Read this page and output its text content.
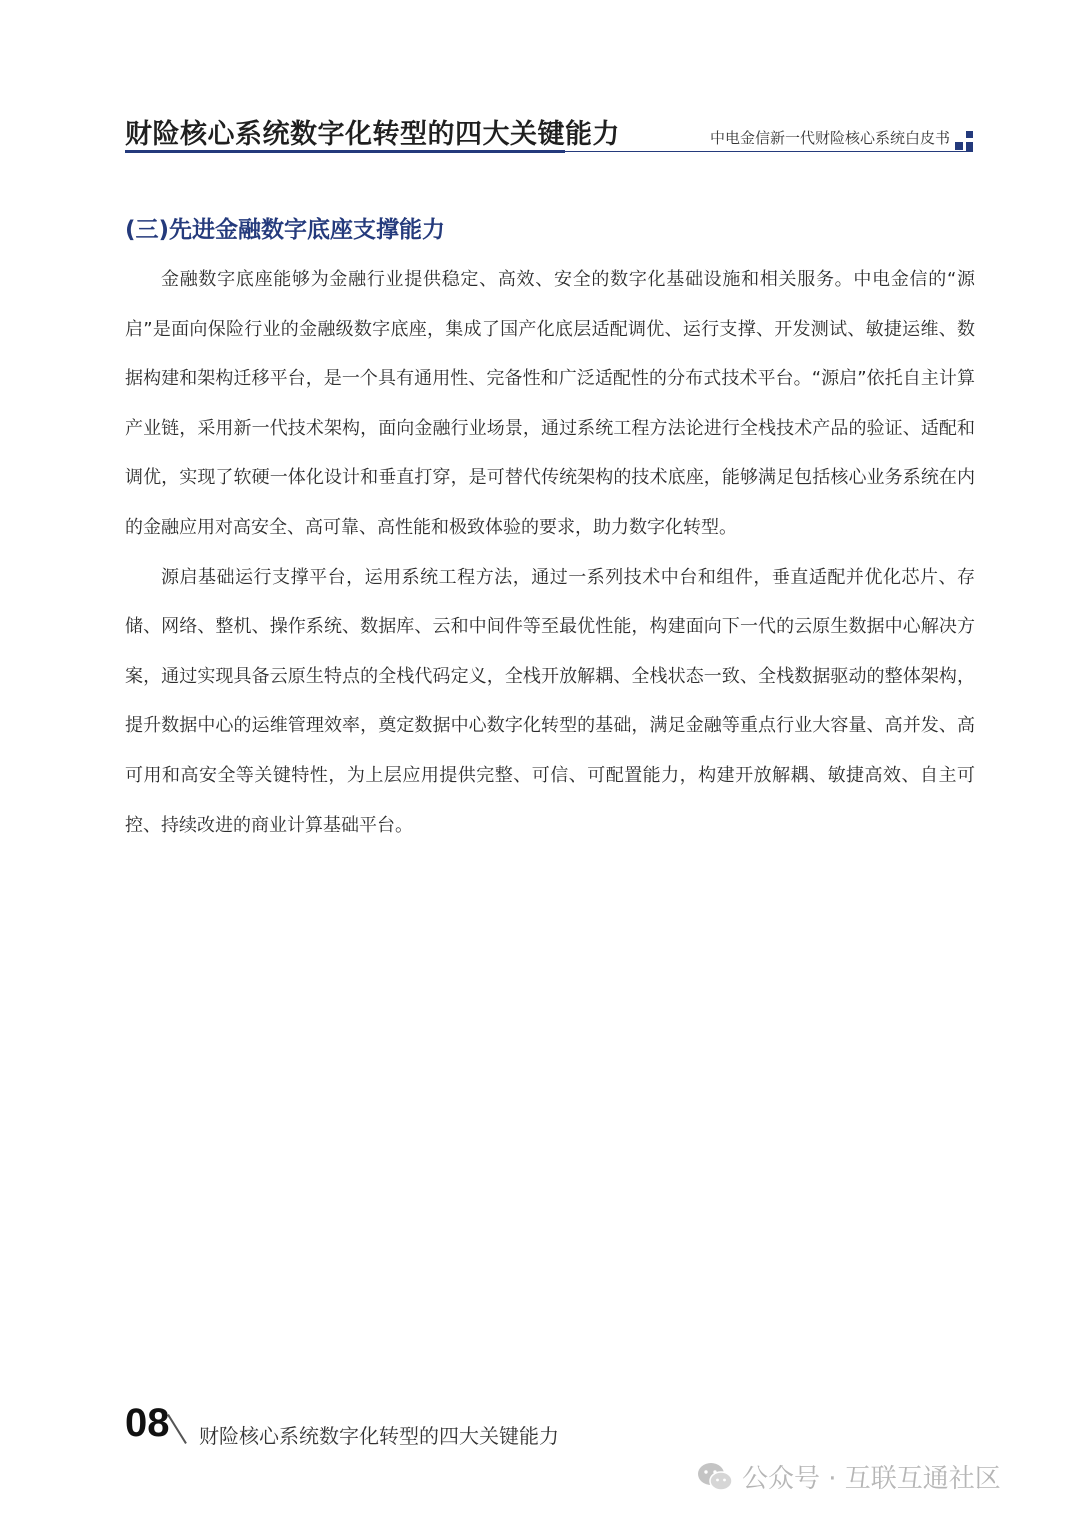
财险核心系统数字化转型的四大关键能力	中电金信新一代财险核心系统白皮书
(三)先进金融数字底座支撑能力

金融数字底座能够为金融行业提供稳定、高效、安全的数字化基础设施和相关服务。中电金信的“源启”是面向保险行业的金融级数字底座，集成了国产化底层适配调优、运行支撑、开发测试、敏捷运维、数据构建和架构迁移平台，是一个具有通用性、完备性和广泛适配性的分布式技术平台。“源启”依托自主计算产业链，采用新一代技术架构，面向金融行业场景，通过系统工程方法论进行全栈技术产品的验证、适配和调优，实现了软硬一体化设计和垂直打穿，是可替代传统架构的技术底座，能够满足包括核心业务系统在内的金融应用对高安全、高可靠、高性能和极致体验的要求，助力数字化转型。

源启基础运行支撑平台，运用系统工程方法，通过一系列技术中台和组件，垂直适配并优化芯片、存储、网络、整机、操作系统、数据库、云和中间件等至最优性能，构建面向下一代的云原生数据中心解决方案，通过实现具备云原生特点的全栈代码定义，全栈开放解耦、全栈状态一致、全栈数据驱动的整体架构，提升数据中心的运维管理效率，奠定数据中心数字化转型的基础，满足金融等重点行业大容量、高并发、高可用和高安全等关键特性，为上层应用提供完整、可信、可配置能力，构建开放解耦、敏捷高效、自主可控、持续改进的商业计算基础平台。

08 财险核心系统数字化转型的四大关键能力
公众号 · 互联互通社区
